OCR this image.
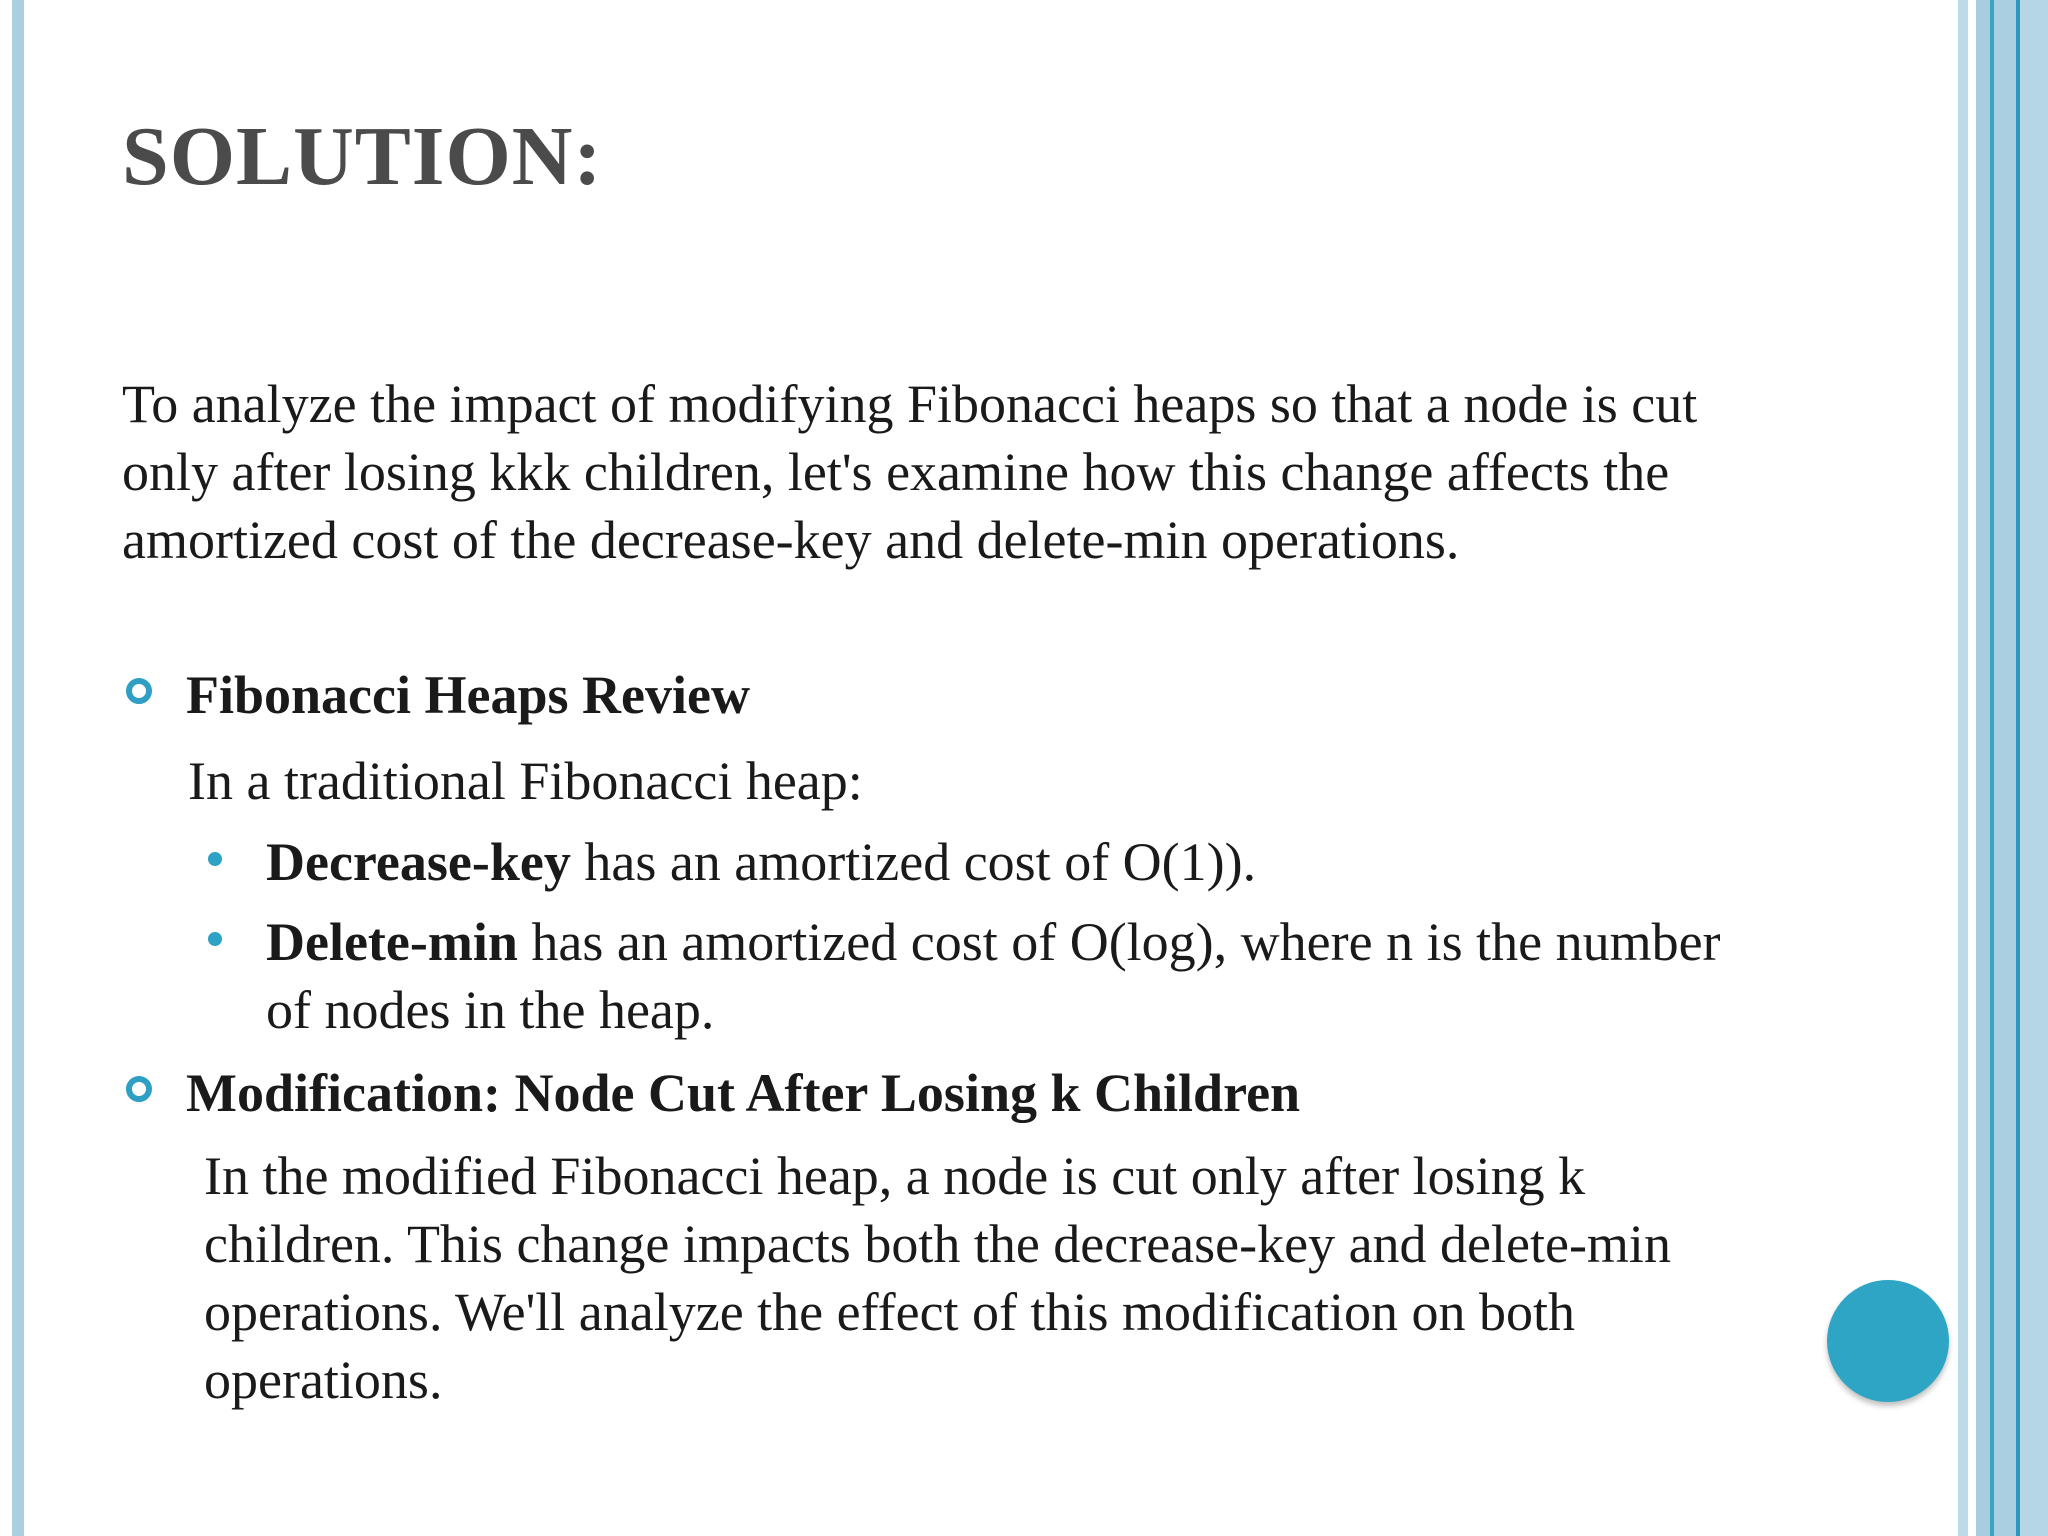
SOLUTION:

To analyze the impact of modifying Fibonacci heaps so that a node is cut only after losing kkk children, let's examine how this change affects the amortized cost of the decrease-key and delete-min operations.

Fibonacci Heaps Review

In a traditional Fibonacci heap:

Decrease-key has an amortized cost of O(1)).

Delete-min has an amortized cost of O(log), where n is the number of nodes in the heap.

Modification: Node Cut After Losing k Children

In the modified Fibonacci heap, a node is cut only after losing k children. This change impacts both the decrease-key and delete-min operations. We'll analyze the effect of this modification on both operations.
